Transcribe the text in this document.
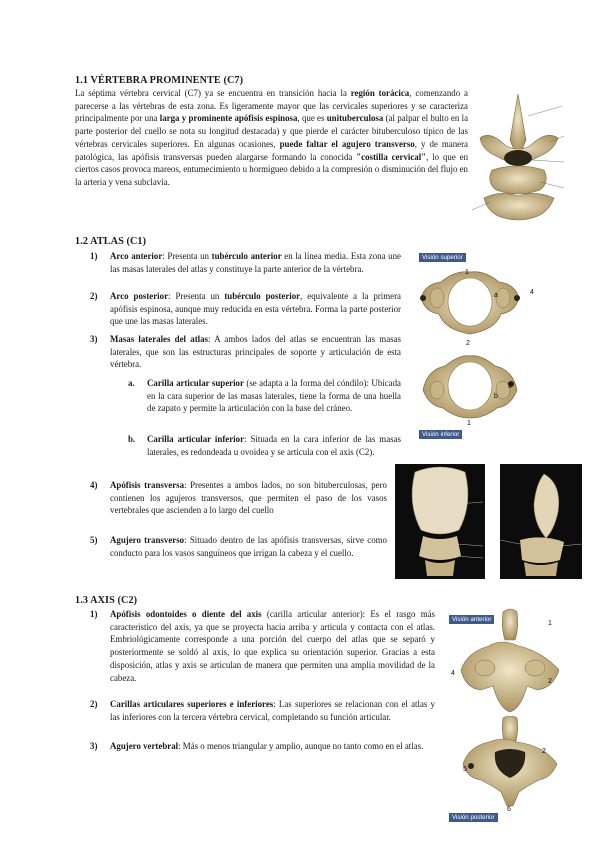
1.1 VÉRTEBRA PROMINENTE (C7)

La séptima vértebra cervical (C7) ya se encuentra en transición hacia la región torácica, comenzando a parecerse a las vértebras de esta zona. Es ligeramente mayor que las cervicales superiores y se caracteriza principalmente por una larga y prominente apófisis espinosa, que es unituberculosa (al palpar el bulto en la parte posterior del cuello se nota su longitud destacada) y que pierde el carácter bituberculoso típico de las vértebras cervicales superiores. En algunas ocasiones, puede faltar el agujero transverso, y de manera patológica, las apófisis transversas pueden alargarse formando la conocida "costilla cervical", lo que en ciertos casos provoca mareos, entumecimiento u hormigueo debido a la compresión o disminución del flujo en la arteria y vena subclavia.

1.2 ATLAS (C1)
1) Arco anterior: Presenta un tubérculo anterior en la línea media. Esta zona une las masas laterales del atlas y constituye la parte anterior de la vértebra.

2) Arco posterior: Presenta un tubérculo posterior, equivalente a la primera apófisis espinosa, aunque muy reducida en esta vértebra. Forma la parte posterior que une las masas laterales.

3) Masas laterales del atlas: A ambos lados del atlas se encuentran las masas laterales, que son las estructuras principales de soporte y articulación de esta vértebra.

a. Carilla articular superior (se adapta a la forma del cóndilo): Ubicada en la cara superior de las masas laterales, tiene la forma de una huella de zapato y permite la articulación con la base del cráneo.

b. Carilla articular inferior: Situada en la cara inferior de las masas laterales, es redondeada u ovoidea y se articula con el axis (C2).

4) Apófisis transversa: Presentes a ambos lados, no son bituberculosas, pero contienen los agujeros transversos, que permiten el paso de los vasos vertebrales que ascienden a lo largo del cuello

5) Agujero transverso: Situado dentro de las apófisis transversas, sirve como conducto para los vasos sanguíneos que irrigan la cabeza y el cuello.

Visión superior
1
a	4
2
5
b
1
Visión inferior
1.3 AXIS (C2)
1) Apófisis odontoides o diente del axis (carilla articular anterior): Es el rasgo más característico del axis, ya que se proyecta hacia arriba y articula y contacta con el atlas. Embriológicamente corresponde a una porción del cuerpo del atlas que se separó y posteriormente se soldó al axis, lo que explica su orientación superior. Gracias a esta disposición, atlas y axis se articulan de manera que permiten una amplia movilidad de la cabeza.

2) Carillas articulares superiores e inferiores: Las superiores se relacionan con el atlas y las inferiores con la tercera vértebra cervical, completando su función articular.

3) Agujero vertebral: Más o menos triangular y amplio, aunque no tanto como en el atlas.

Visión anterior
1
4
2
2
5
6
Visión posterior
